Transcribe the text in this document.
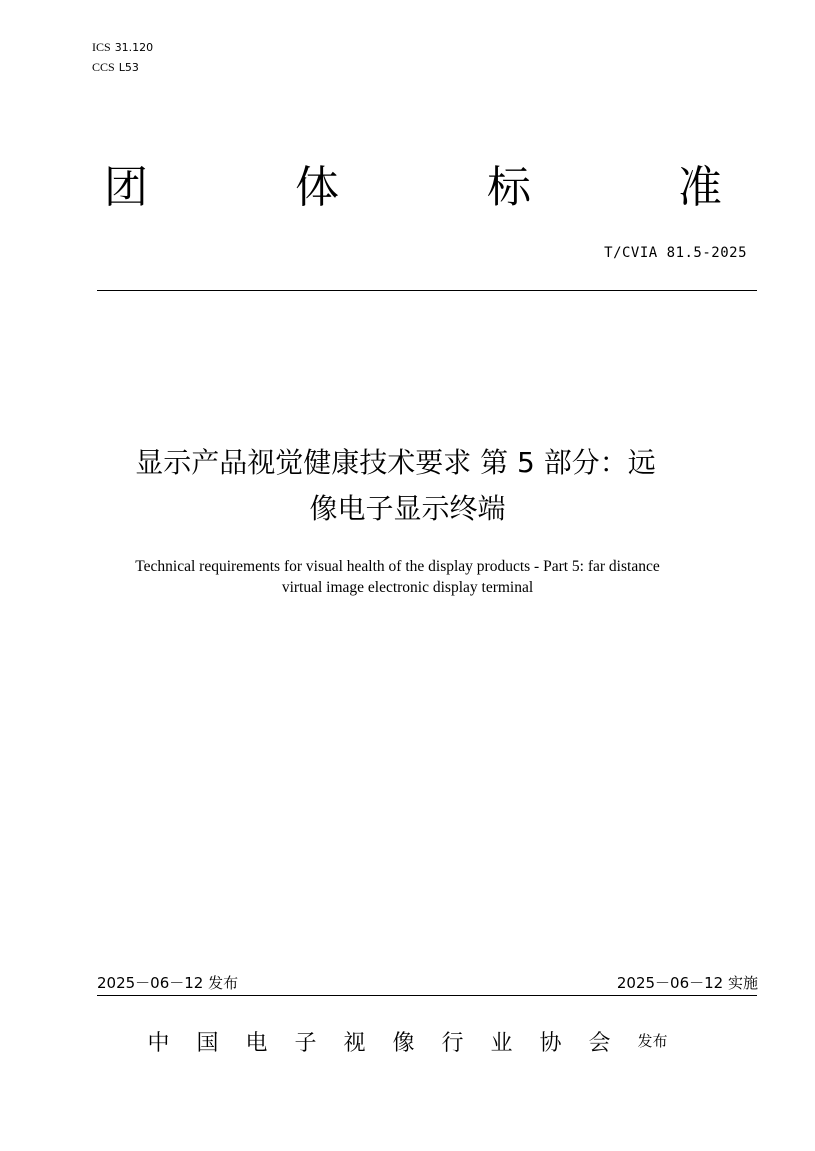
ICS 31.120
CCS L53
团	体	标	准
T/CVIA 81.5-2025
显示产品视觉健康技术要求 第 5 部分：远
像电子显示终端
Technical requirements for visual health of the display products - Part 5: far distance
virtual image electronic display terminal
2025－06－12 发布	2025－06－12 实施
中国电子视像行业协会发布
